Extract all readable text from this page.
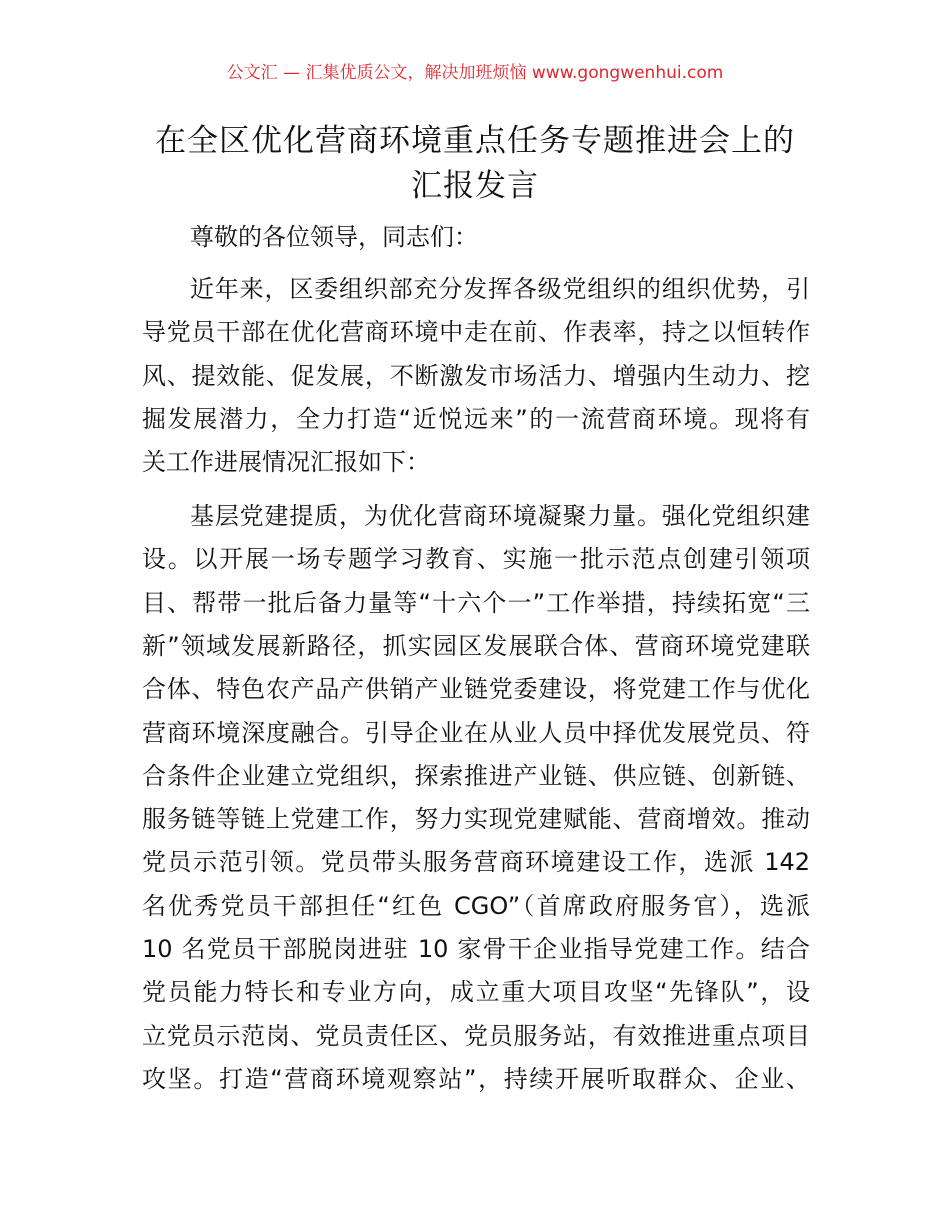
公文汇 — 汇集优质公文，解决加班烦恼 www.gongwenhui.com
在全区优化营商环境重点任务专题推进会上的
汇报发言
尊敬的各位领导，同志们：
近年来，区委组织部充分发挥各级党组织的组织优势，引
导党员干部在优化营商环境中走在前、作表率，持之以恒转作
风、提效能、促发展，不断激发市场活力、增强内生动力、挖
掘发展潜力，全力打造“近悦远来”的一流营商环境。现将有
关工作进展情况汇报如下：
基层党建提质，为优化营商环境凝聚力量。强化党组织建
设。以开展一场专题学习教育、实施一批示范点创建引领项
目、帮带一批后备力量等“十六个一”工作举措，持续拓宽“三
新”领域发展新路径，抓实园区发展联合体、营商环境党建联
合体、特色农产品产供销产业链党委建设，将党建工作与优化
营商环境深度融合。引导企业在从业人员中择优发展党员、符
合条件企业建立党组织，探索推进产业链、供应链、创新链、
服务链等链上党建工作，努力实现党建赋能、营商增效。推动
党员示范引领。党员带头服务营商环境建设工作，选派 142
名优秀党员干部担任“红色 CGO”（首席政府服务官），选派
10 名党员干部脱岗进驻 10 家骨干企业指导党建工作。结合
党员能力特长和专业方向，成立重大项目攻坚“先锋队”，设
立党员示范岗、党员责任区、党员服务站，有效推进重点项目
攻坚。打造“营商环境观察站”，持续开展听取群众、企业、
